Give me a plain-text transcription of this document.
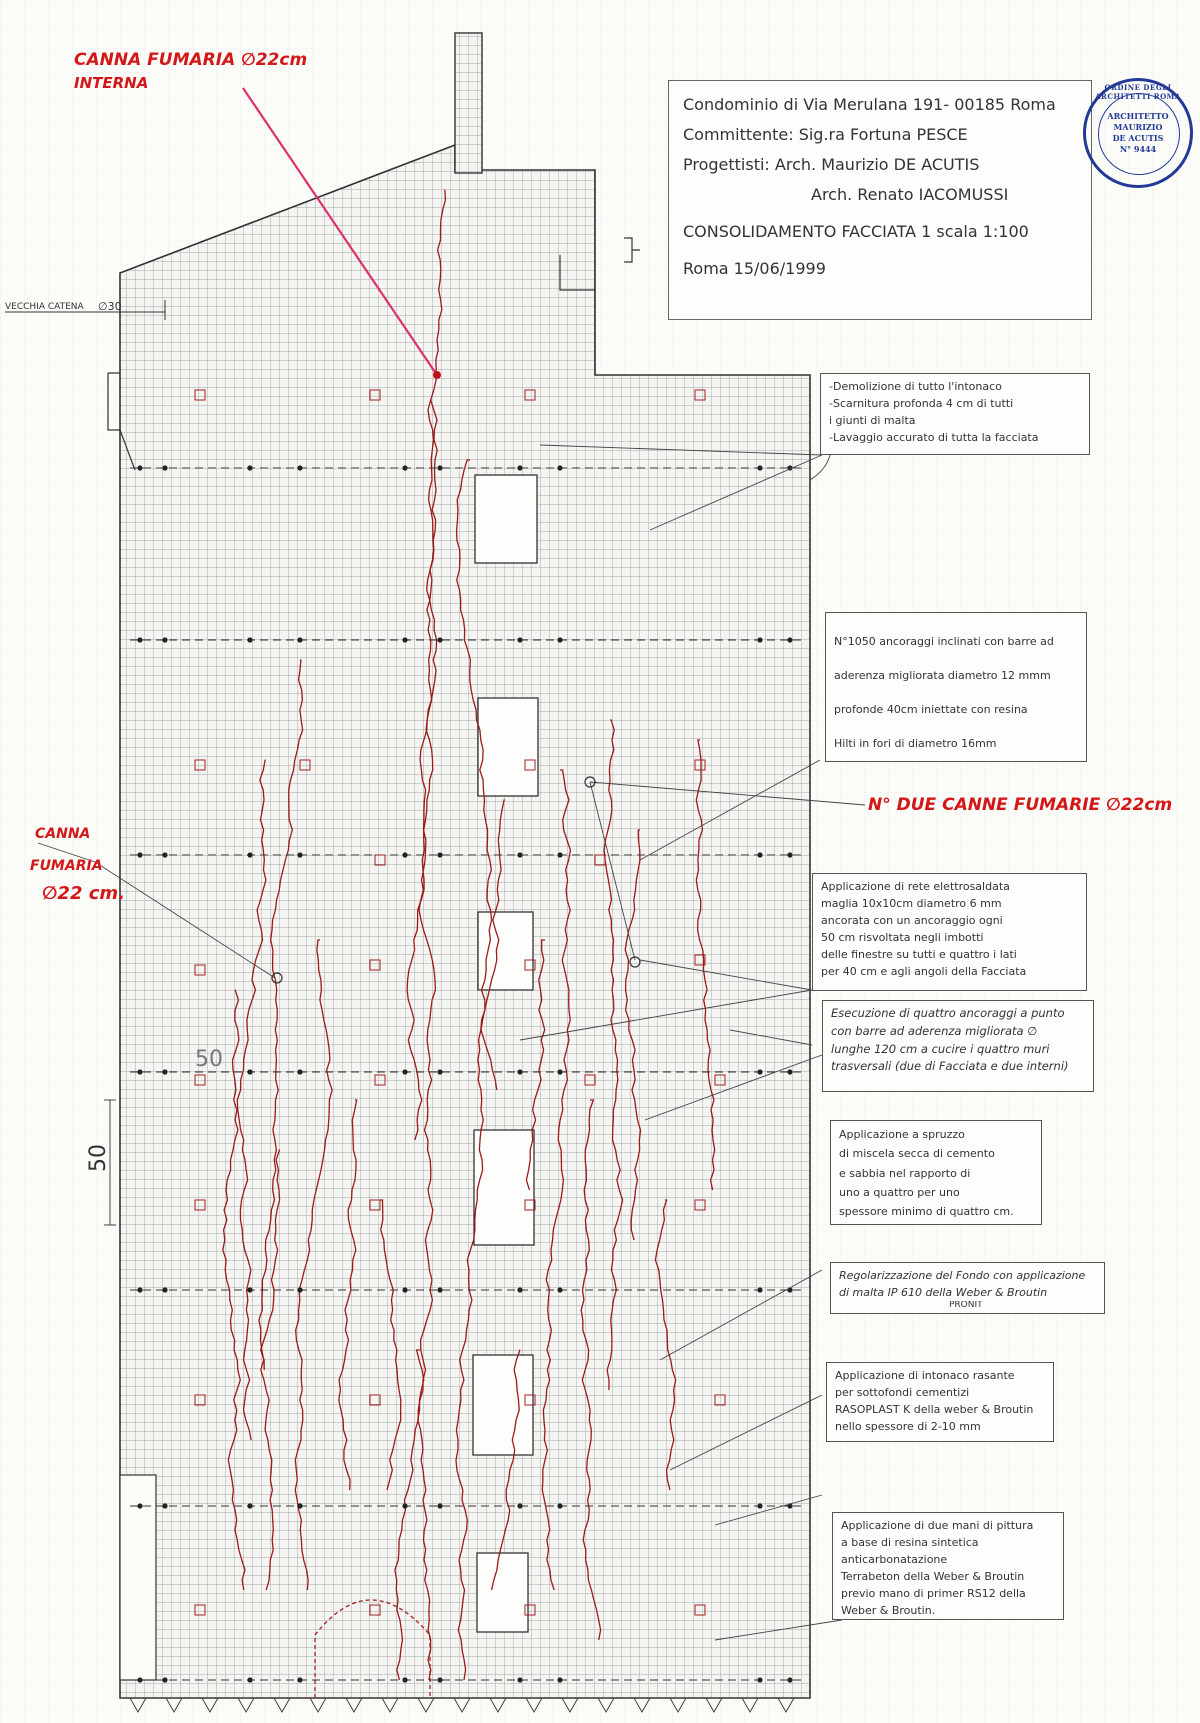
Condominio di Via Merulana 191- 00185 Roma
Committente: Sig.ra Fortuna PESCE
Progettisti: Arch. Maurizio DE ACUTIS
Arch. Renato IACOMUSSI
CONSOLIDAMENTO FACCIATA 1 scala 1:100
Roma 15/06/1999
ORDINE DEGLI ARCHITETTI ROMA
ARCHITETTO
MAURIZIO
DE ACUTIS
N° 9444
CANNA FUMARIA ∅22cm
INTERNA
CANNA
FUMARIA
∅22 cm.
N° DUE CANNE FUMARIE ∅22cm
VECCHIA CATENA ∅30
50
50
-Demolizione di tutto l'intonaco
-Scarnitura profonda 4 cm di tutti
i giunti di malta
-Lavaggio accurato di tutta la facciata
N°1050 ancoraggi inclinati con barre ad
aderenza migliorata diametro 12 mmm
profonde 40cm iniettate con resina
Hilti in fori di diametro 16mm
Applicazione di rete elettrosaldata
maglia 10x10cm diametro 6 mm
ancorata con un ancoraggio ogni
50 cm risvoltata negli imbotti
delle finestre su tutti e quattro i lati
per 40 cm e agli angoli della Facciata
Esecuzione di quattro ancoraggi a punto
con barre ad aderenza migliorata ∅
lunghe 120 cm a cucire i quattro muri
trasversali (due di Facciata e due interni)
Applicazione a spruzzo
di miscela secca di cemento
e sabbia nel rapporto di
uno a quattro per uno
spessore minimo di quattro cm.
Regolarizzazione del Fondo con applicazione
di malta IP 610 della Weber & Broutin
PRONIT
Applicazione di intonaco rasante
per sottofondi cementizi
RASOPLAST K della weber & Broutin
nello spessore di 2-10 mm
Applicazione di due mani di pittura
a base di resina sintetica
anticarbonatazione
Terrabeton della Weber & Broutin
previo mano di primer RS12 della
Weber & Broutin.
